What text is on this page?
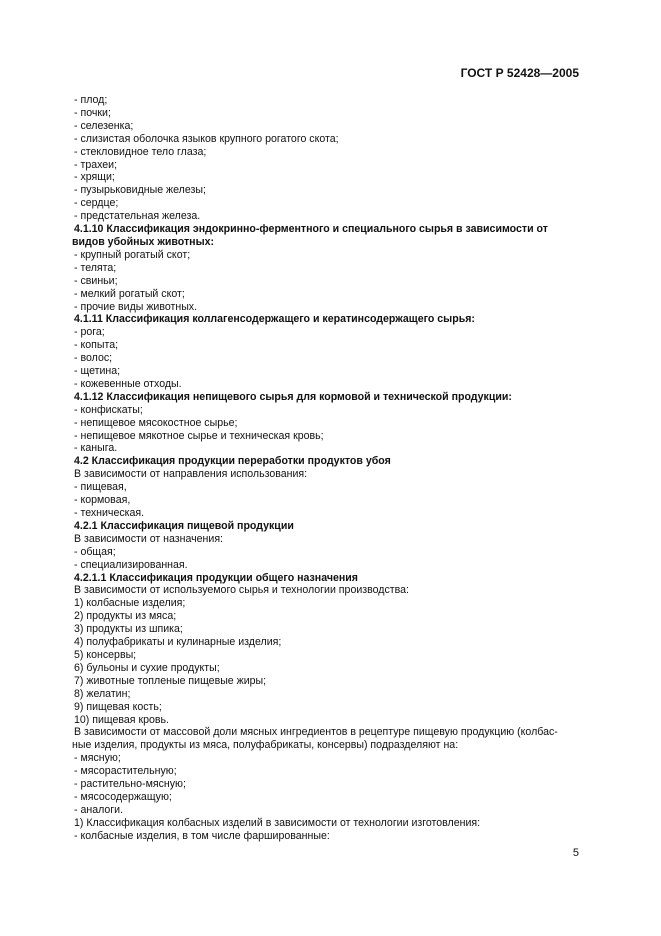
ГОСТ Р 52428—2005
- плод;
- почки;
- селезенка;
- слизистая оболочка языков крупного рогатого скота;
- стекловидное тело глаза;
- трахеи;
- хрящи;
- пузырьковидные железы;
- сердце;
- предстательная железа.
4.1.10 Классификация эндокринно-ферментного и специального сырья в зависимости от
видов убойных животных:
- крупный рогатый скот;
- телята;
- свиньи;
- мелкий рогатый скот;
- прочие виды животных.
4.1.11 Классификация коллагенсодержащего и кератинсодержащего сырья:
- рога;
- копыта;
- волос;
- щетина;
- кожевенные отходы.
4.1.12 Классификация непищевого сырья для кормовой и технической продукции:
- конфискаты;
- непищевое мясокостное сырье;
- непищевое мякотное сырье и техническая кровь;
- каныга.
4.2 Классификация продукции переработки продуктов убоя
В зависимости от направления использования:
- пищевая,
- кормовая,
- техническая.
4.2.1 Классификация пищевой продукции
В зависимости от назначения:
- общая;
- специализированная.
4.2.1.1 Классификация продукции общего назначения
В зависимости от используемого сырья и технологии производства:
1) колбасные изделия;
2) продукты из мяса;
3) продукты из шпика;
4) полуфабрикаты и кулинарные изделия;
5) консервы;
6) бульоны и сухие продукты;
7) животные топленые пищевые жиры;
8) желатин;
9) пищевая кость;
10) пищевая кровь.
В зависимости от массовой доли мясных ингредиентов в рецептуре пищевую продукцию (колбас-
ные изделия, продукты из мяса, полуфабрикаты, консервы) подразделяют на:
- мясную;
- мясорастительную;
- растительно-мясную;
- мясосодержащую;
- аналоги.
1) Классификация колбасных изделий в зависимости от технологии изготовления:
- колбасные изделия, в том числе фаршированные:
5
